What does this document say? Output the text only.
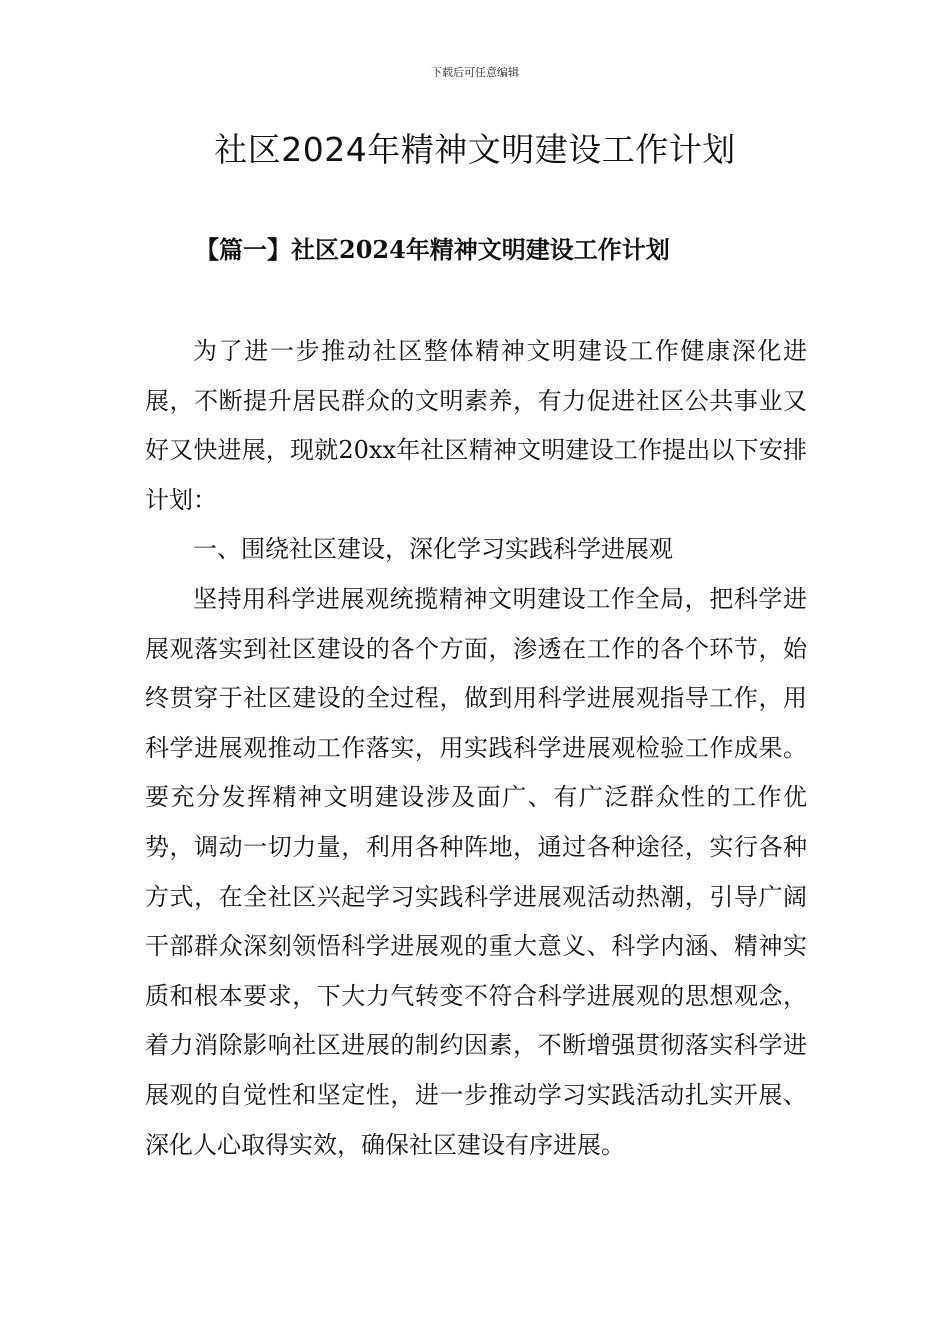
下载后可任意编辑
社区2024年精神文明建设工作计划
【篇一】社区2024年精神文明建设工作计划

为了进一步推动社区整体精神文明建设工作健康深化进展，不断提升居民群众的文明素养，有力促进社区公共事业又好又快进展，现就20xx年社区精神文明建设工作提出以下安排计划：

一、围绕社区建设，深化学习实践科学进展观

坚持用科学进展观统揽精神文明建设工作全局，把科学进展观落实到社区建设的各个方面，渗透在工作的各个环节，始终贯穿于社区建设的全过程，做到用科学进展观指导工作，用科学进展观推动工作落实，用实践科学进展观检验工作成果。要充分发挥精神文明建设涉及面广、有广泛群众性的工作优势，调动一切力量，利用各种阵地，通过各种途径，实行各种方式，在全社区兴起学习实践科学进展观活动热潮，引导广阔干部群众深刻领悟科学进展观的重大意义、科学内涵、精神实质和根本要求，下大力气转变不符合科学进展观的思想观念，着力消除影响社区进展的制约因素，不断增强贯彻落实科学进展观的自觉性和坚定性，进一步推动学习实践活动扎实开展、深化人心取得实效，确保社区建设有序进展。
